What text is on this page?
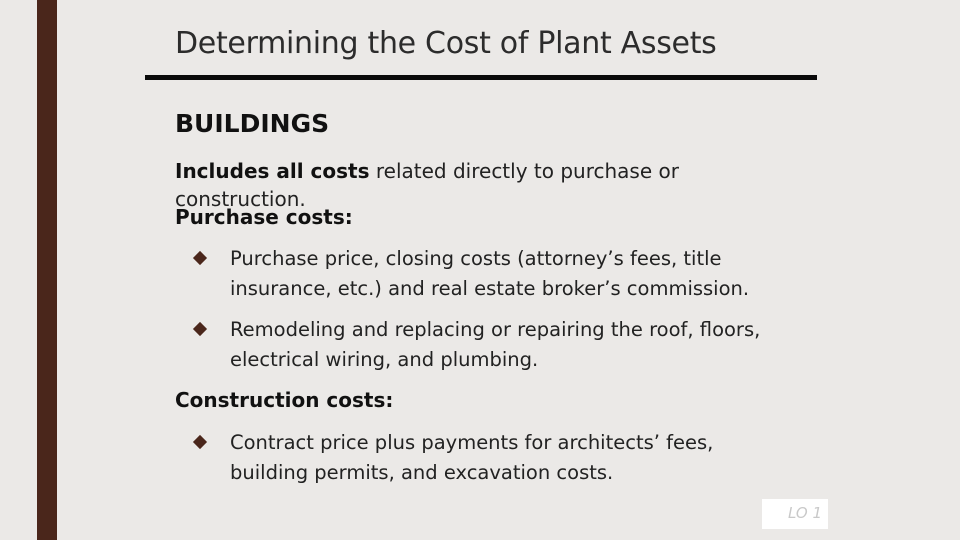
Determining the Cost of Plant Assets
BUILDINGS
Includes all costs related directly to purchase or construction.
Purchase costs:
Purchase price, closing costs (attorney’s fees, title insurance, etc.) and real estate broker’s commission.
Remodeling and replacing or repairing the roof, floors, electrical wiring, and plumbing.
Construction costs:
Contract price plus payments for architects’ fees, building permits, and excavation costs.
LO 1
